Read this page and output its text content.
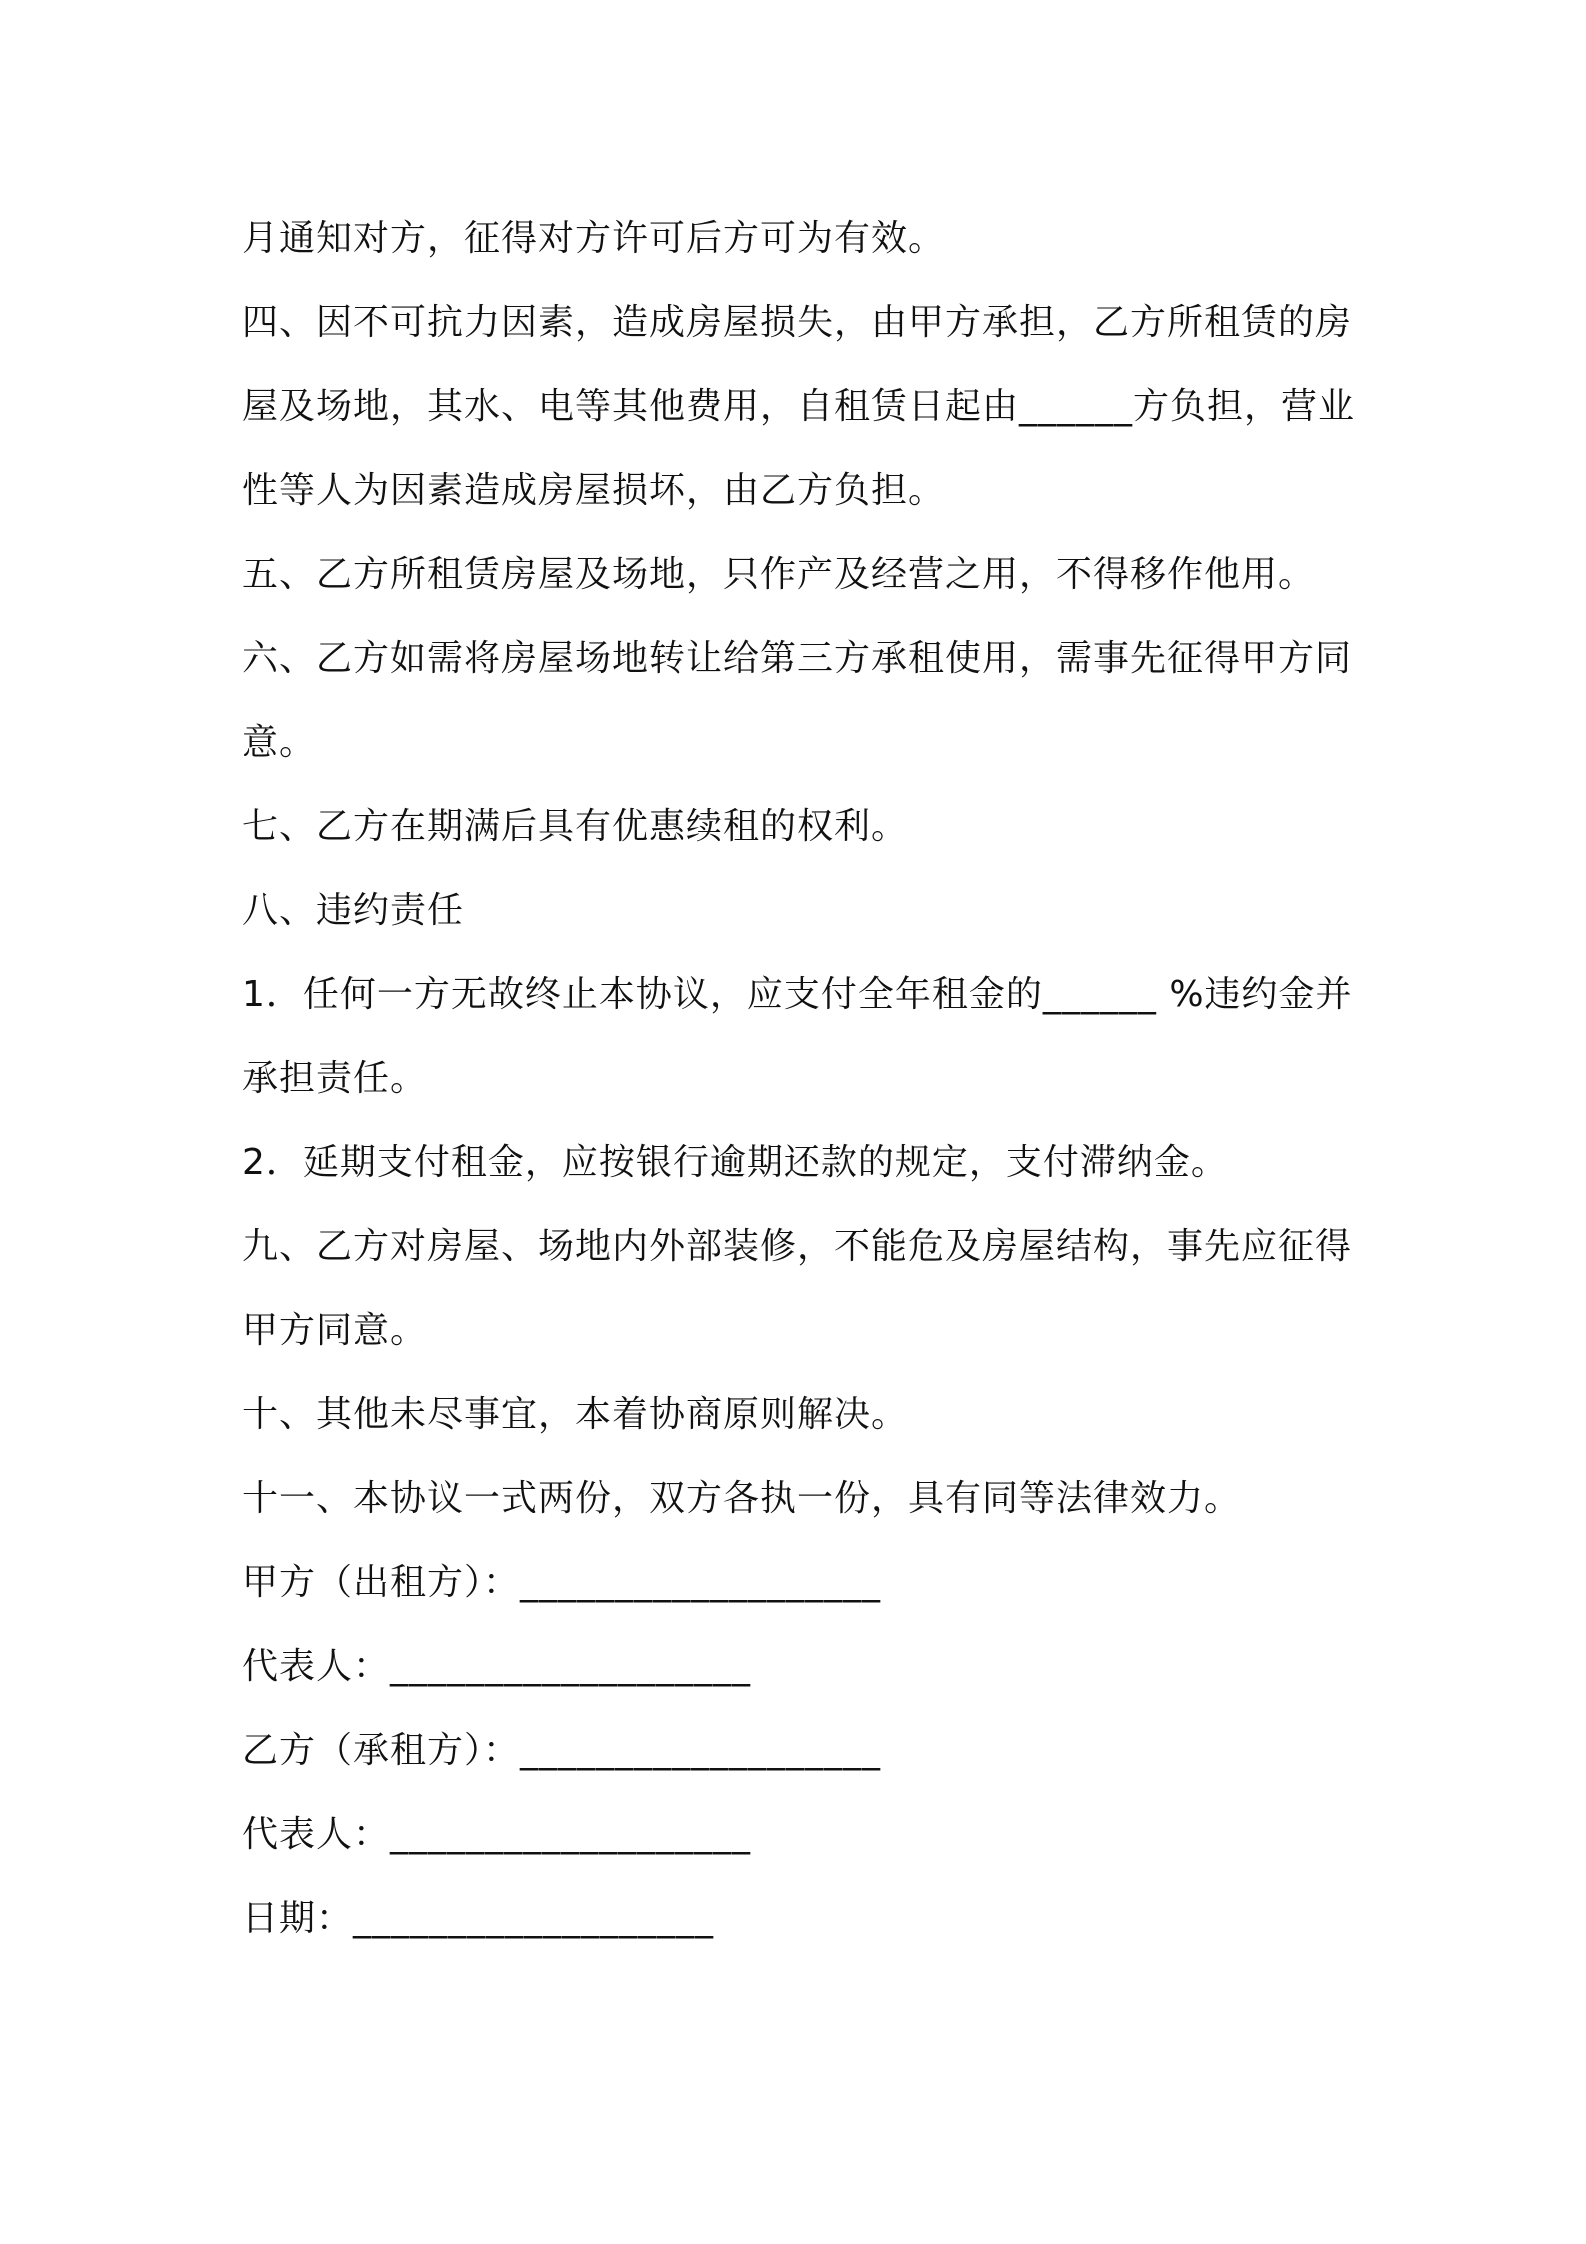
月通知对方，征得对方许可后方可为有效。

四、因不可抗力因素，造成房屋损失，由甲方承担，乙方所租赁的房屋及场地，其水、电等其他费用，自租赁日起由______方负担，营业性等人为因素造成房屋损坏，由乙方负担。

五、乙方所租赁房屋及场地，只作产及经营之用，不得移作他用。

六、乙方如需将房屋场地转让给第三方承租使用，需事先征得甲方同意。

七、乙方在期满后具有优惠续租的权利。

八、违约责任

1．任何一方无故终止本协议，应支付全年租金的______ %违约金并承担责任。

2．延期支付租金，应按银行逾期还款的规定，支付滞纳金。

九、乙方对房屋、场地内外部装修，不能危及房屋结构，事先应征得甲方同意。

十、其他未尽事宜，本着协商原则解决。

十一、本协议一式两份，双方各执一份，具有同等法律效力。

甲方（出租方）：___________________

代表人：___________________

乙方（承租方）：___________________

代表人：___________________

日期：___________________
